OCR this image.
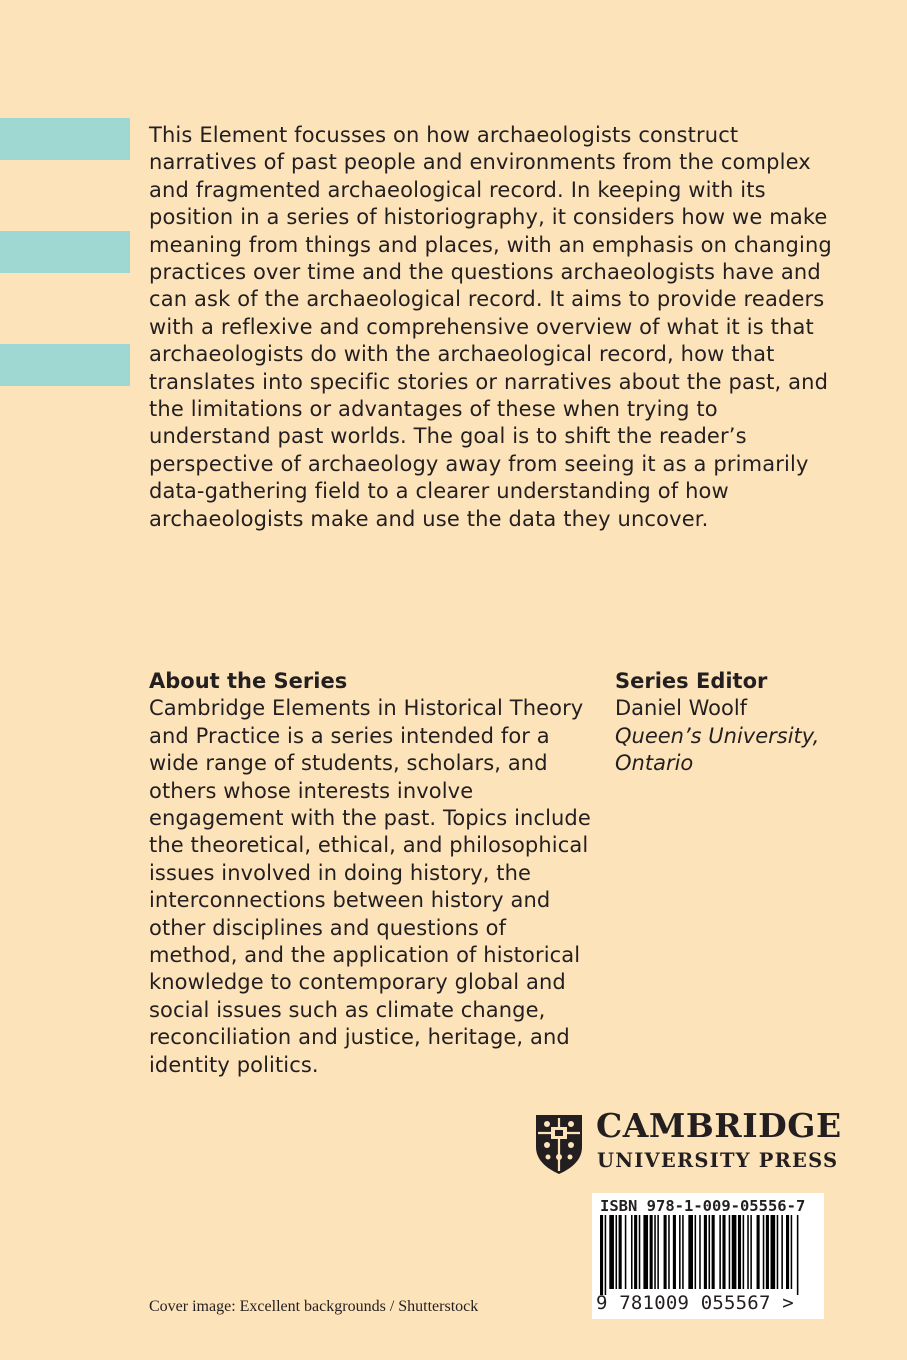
This Element focusses on how archaeologists construct narratives of past people and environments from the complex and fragmented archaeological record. In keeping with its position in a series of historiography, it considers how we make meaning from things and places, with an emphasis on changing practices over time and the questions archaeologists have and can ask of the archaeological record. It aims to provide readers with a reflexive and comprehensive overview of what it is that archaeologists do with the archaeological record, how that translates into specific stories or narratives about the past, and the limitations or advantages of these when trying to understand past worlds. The goal is to shift the reader’s perspective of archaeology away from seeing it as a primarily data-gathering field to a clearer understanding of how archaeologists make and use the data they uncover.

About the Series

Cambridge Elements in Historical Theory and Practice is a series intended for a wide range of students, scholars, and others whose interests involve engagement with the past. Topics include the theoretical, ethical, and philosophical issues involved in doing history, the interconnections between history and other disciplines and questions of method, and the application of historical knowledge to contemporary global and social issues such as climate change, reconciliation and justice, heritage, and identity politics.

Series Editor
Daniel Woolf
Queen’s University,
Ontario
CAMBRIDGE
UNIVERSITY PRESS
ISBN 978-1-009-05556-7
9 781009 055567 >
Cover image: Excellent backgrounds / Shutterstock
